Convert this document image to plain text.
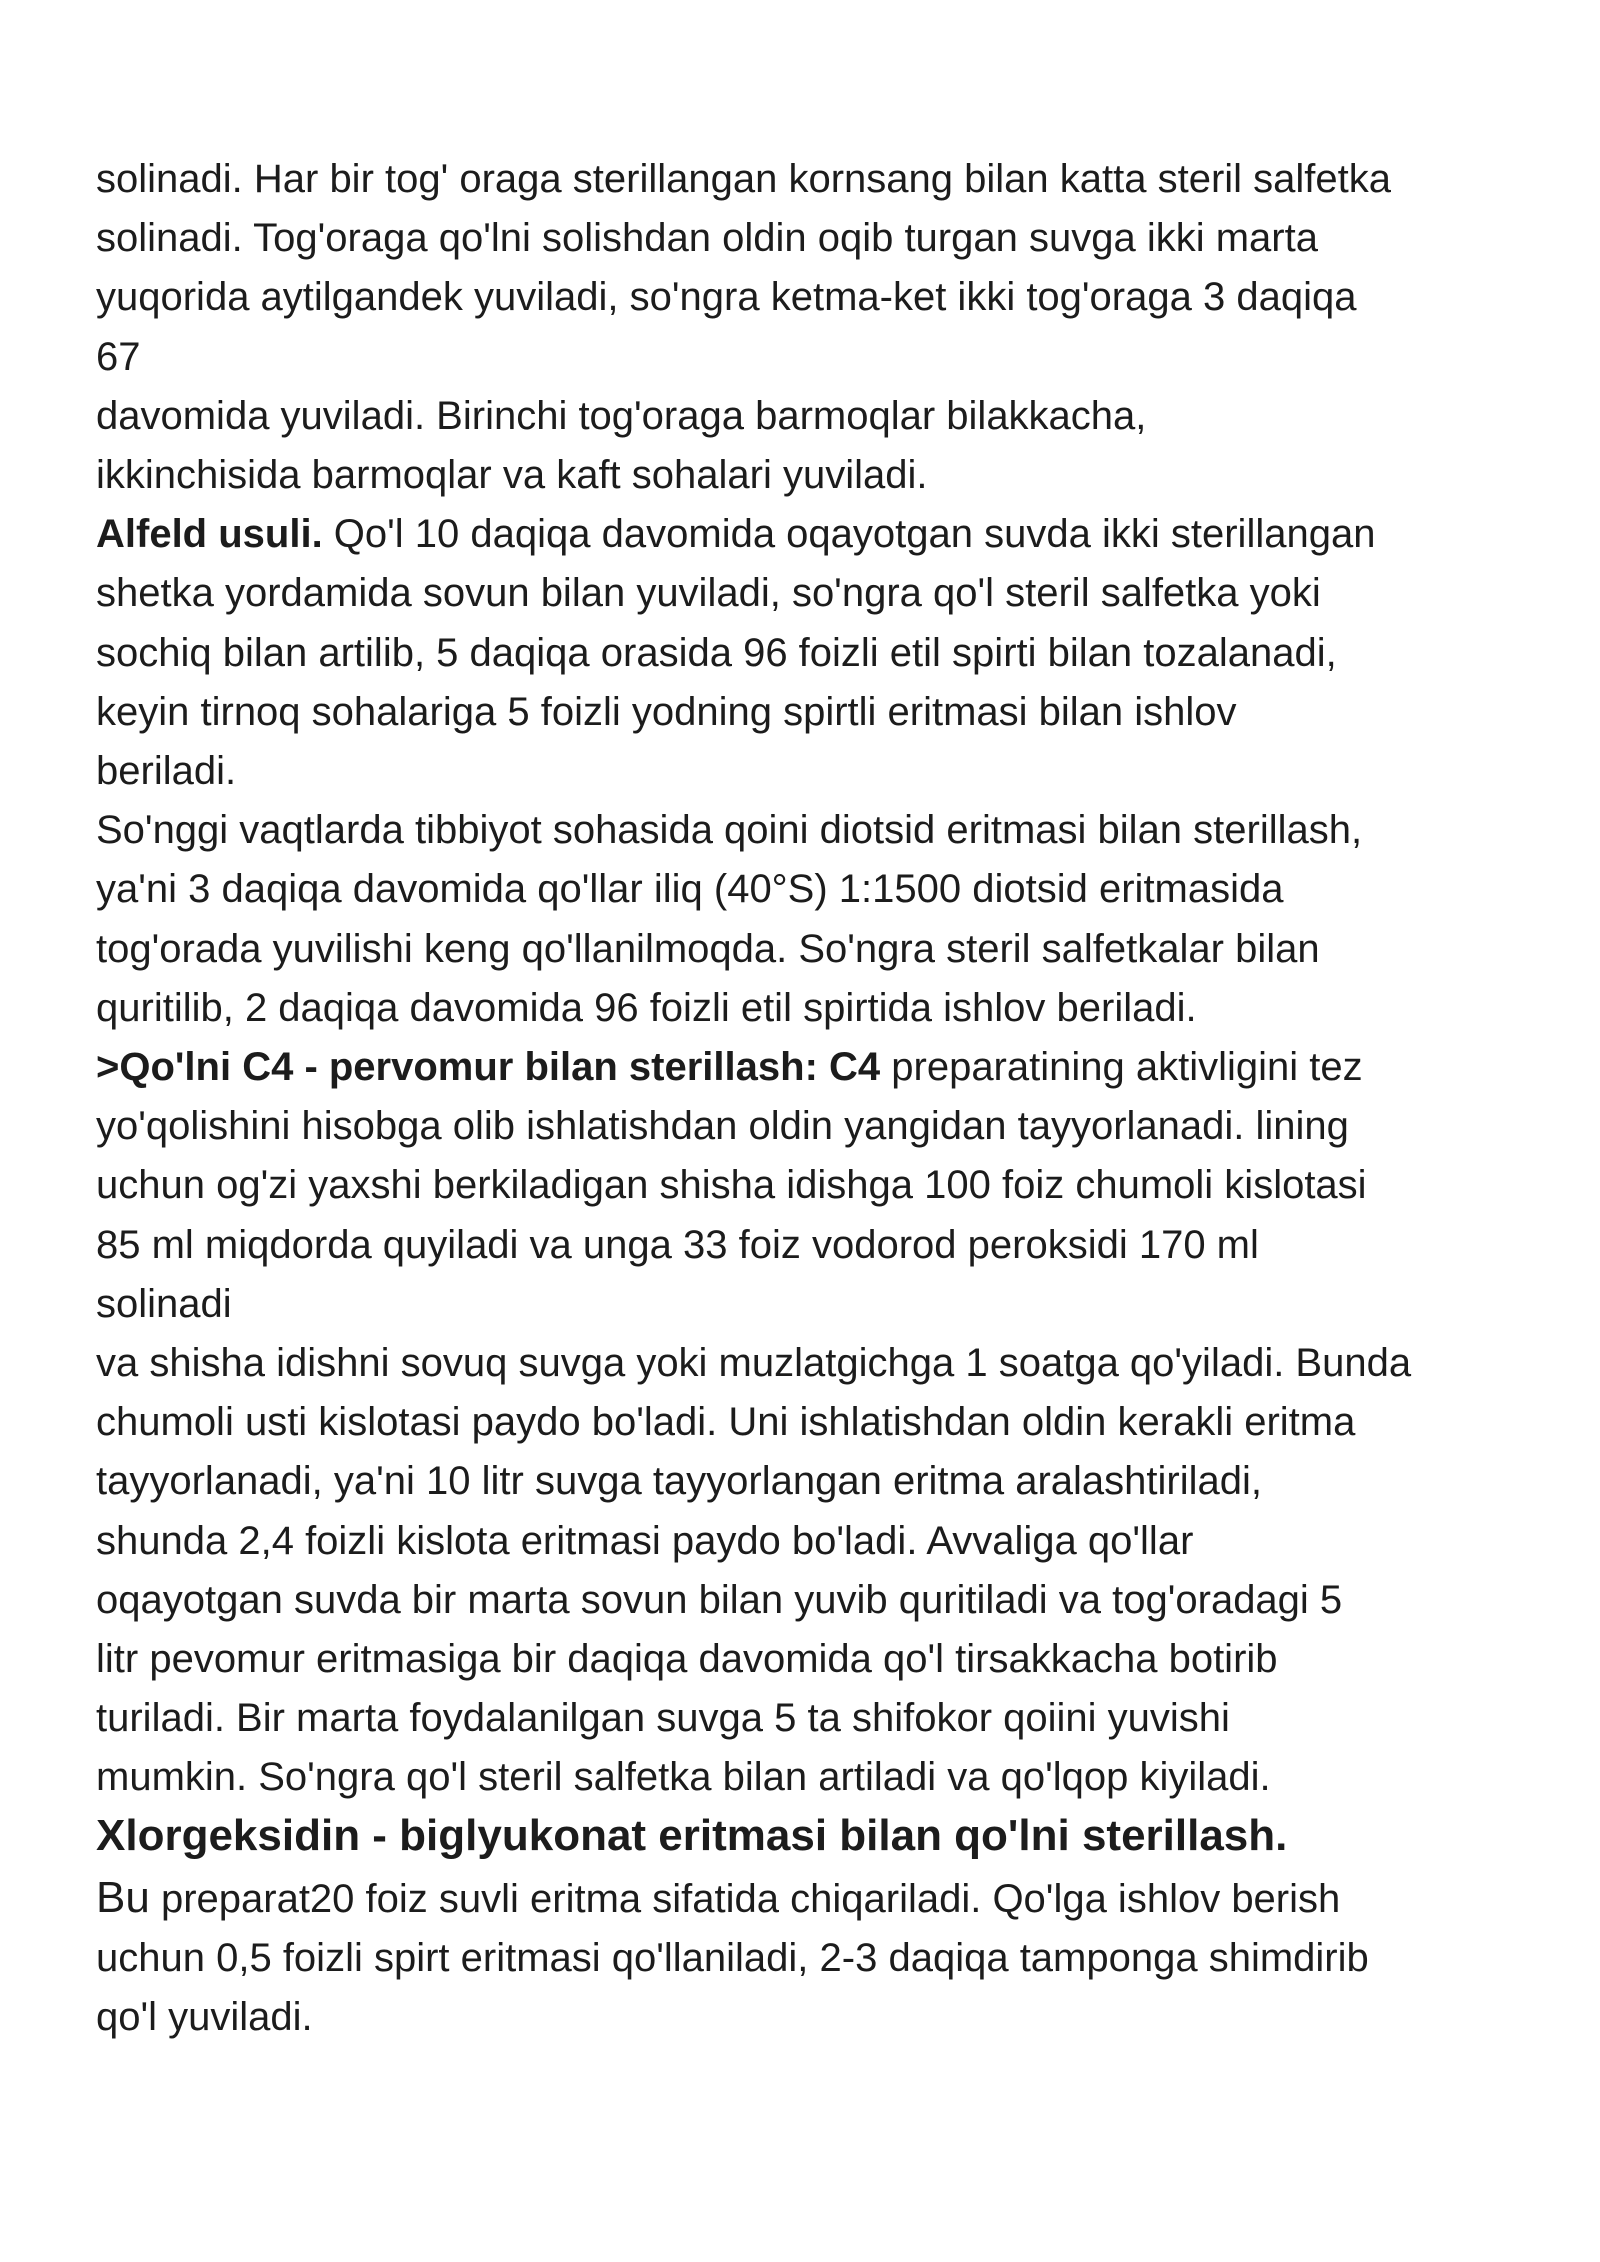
solinadi. Har bir tog' oraga sterillangan kornsang bilan katta steril salfetka
solinadi. Tog'oraga qo'lni solishdan oldin oqib turgan suvga ikki marta
yuqorida aytilgandek yuviladi, so'ngra ketma-ket ikki tog'oraga 3 daqiqa
67
davomida yuviladi. Birinchi tog'oraga barmoqlar bilakkacha,
ikkinchisida barmoqlar va kaft sohalari yuviladi.
Alfeld usuli. Qo'l 10 daqiqa davomida oqayotgan suvda ikki sterillangan
shetka yordamida sovun bilan yuviladi, so'ngra qo'l steril salfetka yoki
sochiq bilan artilib, 5 daqiqa orasida 96 foizli etil spirti bilan tozalanadi,
keyin tirnoq sohalariga 5 foizli yodning spirtli eritmasi bilan ishlov
beriladi.
So'nggi vaqtlarda tibbiyot sohasida qoini diotsid eritmasi bilan sterillash,
ya'ni 3 daqiqa davomida qo'llar iliq (40°S) 1:1500 diotsid eritmasida
tog'orada yuvilishi keng qo'llanilmoqda. So'ngra steril salfetkalar bilan
quritilib, 2 daqiqa davomida 96 foizli etil spirtida ishlov beriladi.
>Qo'lni C4 - pervomur bilan sterillash: C4 preparatining aktivligini tez
yo'qolishini hisobga olib ishlatishdan oldin yangidan tayyorlanadi. lining
uchun og'zi yaxshi berkiladigan shisha idishga 100 foiz chumoli kislotasi
85 ml miqdorda quyiladi va unga 33 foiz vodorod peroksidi 170 ml
solinadi
va shisha idishni sovuq suvga yoki muzlatgichga 1 soatga qo'yiladi. Bunda
chumoli usti kislotasi paydo bo'ladi. Uni ishlatishdan oldin kerakli eritma
tayyorlanadi, ya'ni 10 litr suvga tayyorlangan eritma aralashtiriladi,
shunda 2,4 foizli kislota eritmasi paydo bo'ladi. Avvaliga qo'llar
oqayotgan suvda bir marta sovun bilan yuvib quritiladi va tog'oradagi 5
litr pevomur eritmasiga bir daqiqa davomida qo'l tirsakkacha botirib
turiladi. Bir marta foydalanilgan suvga 5 ta shifokor qoiini yuvishi
mumkin. So'ngra qo'l steril salfetka bilan artiladi va qo'lqop kiyiladi.
Xlorgeksidin - biglyukonat eritmasi bilan qo'lni sterillash.
Bu preparat20 foiz suvli eritma sifatida chiqariladi. Qo'lga ishlov berish
uchun 0,5 foizli spirt eritmasi qo'llaniladi, 2-3 daqiqa tamponga shimdirib
qo'l yuviladi.
